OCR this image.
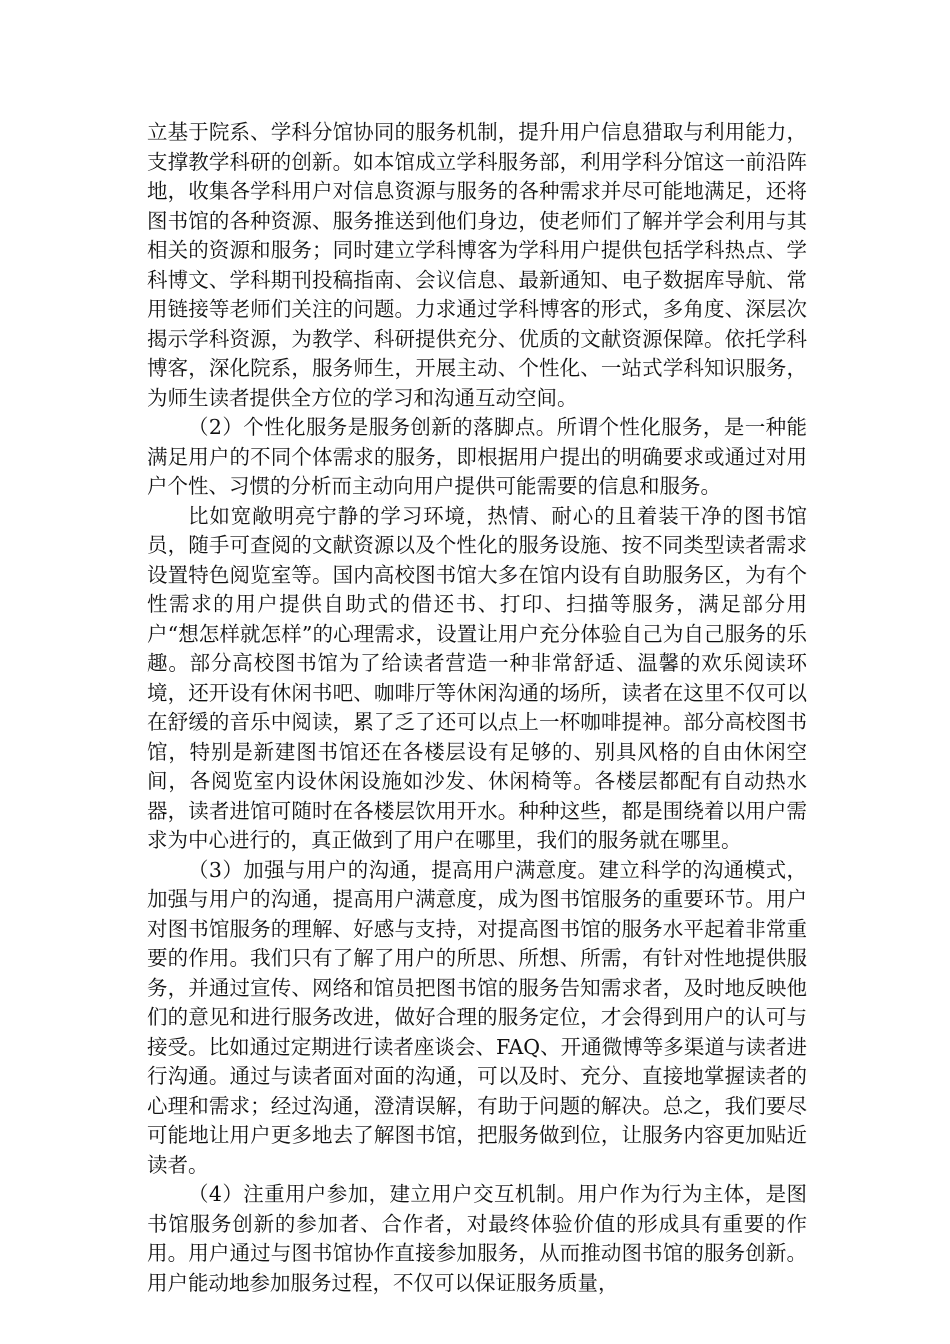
立基于院系、学科分馆协同的服务机制，提升用户信息猎取与利用能力，支撑教学科研的创新。如本馆成立学科服务部，利用学科分馆这一前沿阵地，收集各学科用户对信息资源与服务的各种需求并尽可能地满足，还将图书馆的各种资源、服务推送到他们身边，使老师们了解并学会利用与其相关的资源和服务；同时建立学科博客为学科用户提供包括学科热点、学科博文、学科期刊投稿指南、会议信息、最新通知、电子数据库导航、常用链接等老师们关注的问题。力求通过学科博客的形式，多角度、深层次揭示学科资源，为教学、科研提供充分、优质的文献资源保障。依托学科博客，深化院系，服务师生，开展主动、个性化、一站式学科知识服务，为师生读者提供全方位的学习和沟通互动空间。

（2）个性化服务是服务创新的落脚点。所谓个性化服务，是一种能满足用户的不同个体需求的服务，即根据用户提出的明确要求或通过对用户个性、习惯的分析而主动向用户提供可能需要的信息和服务。

比如宽敞明亮宁静的学习环境，热情、耐心的且着装干净的图书馆员，随手可查阅的文献资源以及个性化的服务设施、按不同类型读者需求设置特色阅览室等。国内高校图书馆大多在馆内设有自助服务区，为有个性需求的用户提供自助式的借还书、打印、扫描等服务，满足部分用户“想怎样就怎样”的心理需求，设置让用户充分体验自己为自己服务的乐趣。部分高校图书馆为了给读者营造一种非常舒适、温馨的欢乐阅读环境，还开设有休闲书吧、咖啡厅等休闲沟通的场所，读者在这里不仅可以在舒缓的音乐中阅读，累了乏了还可以点上一杯咖啡提神。部分高校图书馆，特别是新建图书馆还在各楼层设有足够的、别具风格的自由休闲空间，各阅览室内设休闲设施如沙发、休闲椅等。各楼层都配有自动热水器，读者进馆可随时在各楼层饮用开水。种种这些，都是围绕着以用户需求为中心进行的，真正做到了用户在哪里，我们的服务就在哪里。

（3）加强与用户的沟通，提高用户满意度。建立科学的沟通模式，加强与用户的沟通，提高用户满意度，成为图书馆服务的重要环节。用户对图书馆服务的理解、好感与支持，对提高图书馆的服务水平起着非常重要的作用。我们只有了解了用户的所思、所想、所需，有针对性地提供服务，并通过宣传、网络和馆员把图书馆的服务告知需求者，及时地反映他们的意见和进行服务改进，做好合理的服务定位，才会得到用户的认可与接受。比如通过定期进行读者座谈会、FAQ、开通微博等多渠道与读者进行沟通。通过与读者面对面的沟通，可以及时、充分、直接地掌握读者的心理和需求；经过沟通，澄清误解，有助于问题的解决。总之，我们要尽可能地让用户更多地去了解图书馆，把服务做到位，让服务内容更加贴近读者。

（4）注重用户参加，建立用户交互机制。用户作为行为主体，是图书馆服务创新的参加者、合作者，对最终体验价值的形成具有重要的作用。用户通过与图书馆协作直接参加服务，从而推动图书馆的服务创新。用户能动地参加服务过程，不仅可以保证服务质量，
